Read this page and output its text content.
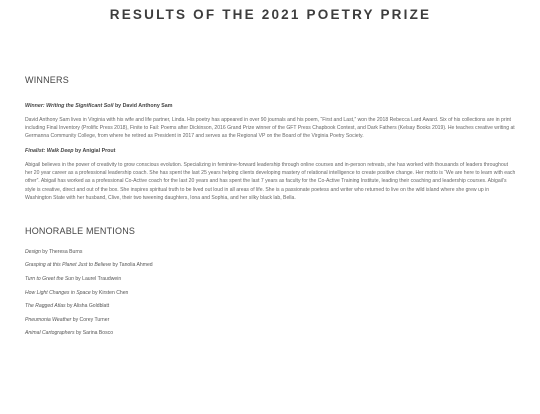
RESULTS OF THE 2021 POETRY PRIZE
WINNERS
Winner: Writing the Significant Soil by David Anthony Sam

David Anthony Sam lives in Virginia with his wife and life partner, Linda. His poetry has appeared in over 90 journals and his poem, “First and Last,” won the 2018 Rebecca Lard Award. Six of his collections are in print including Final Inventory (Prolific Press 2018), Finite to Fail: Poems after Dickinson, 2016 Grand Prize winner of the GFT Press Chapbook Contest, and Dark Fathers (Kelsay Books 2019). He teaches creative writing at Germanna Community College, from where he retired as President in 2017 and serves as the Regional VP on the Board of the Virginia Poetry Society.

Finalist: Walk Deep by Anigial Prout

Abigail believes in the power of creativity to grow conscious evolution. Specializing in feminine-forward leadership through online courses and in-person retreats, she has worked with thousands of leaders throughout her 20 year career as a professional leadership coach. She has spent the last 25 years helping clients developing mastery of relational intelligence to create positive change. Her motto is “We are here to learn with each other”. Abigail has worked as a professional Co-Active coach for the last 20 years and has spent the last 7 years as faculty for the Co-Active Training Institute, leading their coaching and leadership courses. Abigail’s style is creative, direct and out of the box. She inspires spiritual truth to be lived out loud in all areas of life. She is a passionate poetess and writer who returned to live on the wild island where she grew up in Washington State with her husband, Clive, their two tweening daughters, Iona and Sophia, and her silky black lab, Bella.

HONORABLE MENTIONS
Design by Theresa Burns
Grasping at this Planet Just to Believe by Tanolia Ahmed
Turn to Greet the Sun by Laurel Traudwein
How Light Changes in Space by Kirsten Chen
The Ragged Atlas by Alisha Goldblatt
Pneumonia Weather by Corey Turner
Animal Cartographers by Sarina Bosco
